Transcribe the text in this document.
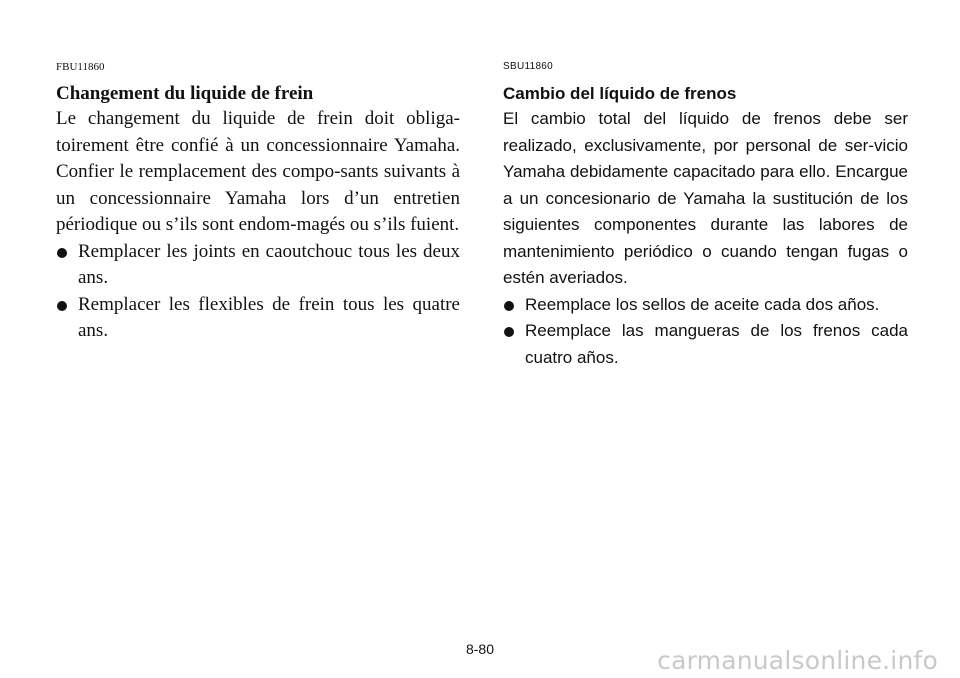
FBU11860

Changement du liquide de frein

Le changement du liquide de frein doit obliga-toirement être confié à un concessionnaire Yamaha. Confier le remplacement des compo-sants suivants à un concessionnaire Yamaha lors d’un entretien périodique ou s’ils sont endom-magés ou s’ils fuient.

Remplacer les joints en caoutchouc tous les deux ans.
Remplacer les flexibles de frein tous les quatre ans.

SBU11860

Cambio del líquido de frenos

El cambio total del líquido de frenos debe ser realizado, exclusivamente, por personal de ser-vicio Yamaha debidamente capacitado para ello. Encargue a un concesionario de Yamaha la sustitución de los siguientes componentes durante las labores de mantenimiento periódico o cuando tengan fugas o estén averiados.

Reemplace los sellos de aceite cada dos años.
Reemplace las mangueras de los frenos cada cuatro años.
8-80	carmanualsonline.info
